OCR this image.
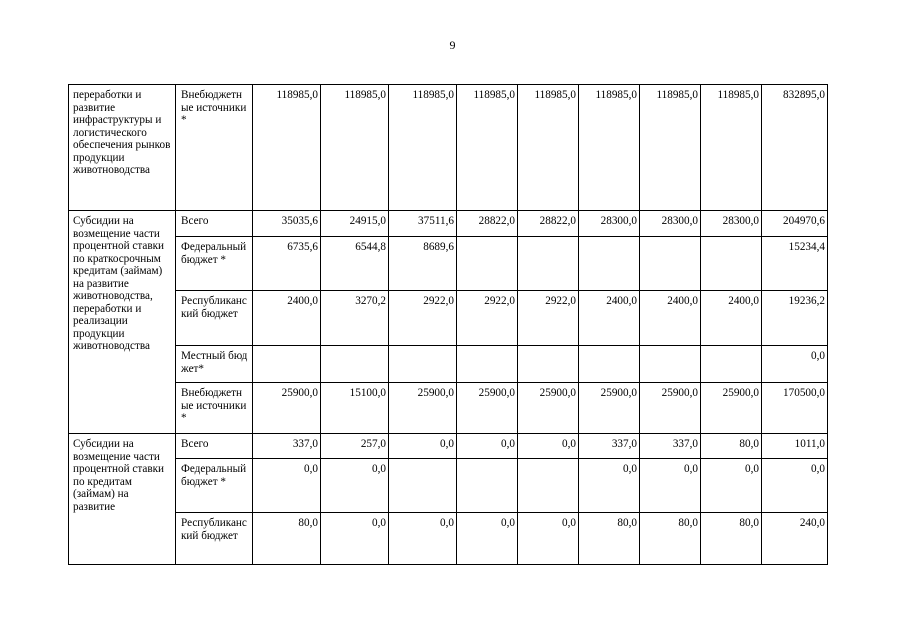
9
переработки и развитие инфраструктуры и логистического обеспечения рынков продукции животноводства	Внебюджетные источники*	118985,0	118985,0	118985,0	118985,0	118985,0	118985,0	118985,0	118985,0	832895,0
Субсидии на возмещение части процентной ставки по краткосрочным кредитам (займам) на развитие животноводства, переработки и реализации продукции животноводства	Всего	35035,6	24915,0	37511,6	28822,0	28822,0	28300,0	28300,0	28300,0	204970,6
	Федеральный бюджет *	6735,6	6544,8	8689,6						15234,4
	Республиканский бюджет	2400,0	3270,2	2922,0	2922,0	2922,0	2400,0	2400,0	2400,0	19236,2
	Местный бюджет*									0,0
	Внебюджетные источники*	25900,0	15100,0	25900,0	25900,0	25900,0	25900,0	25900,0	25900,0	170500,0
Субсидии на возмещение части процентной ставки по кредитам (займам) на развитие	Всего	337,0	257,0	0,0	0,0	0,0	337,0	337,0	80,0	1011,0
	Федеральный бюджет *	0,0	0,0				0,0	0,0	0,0	0,0
	Республиканский бюджет	80,0	0,0	0,0	0,0	0,0	80,0	80,0	80,0	240,0
